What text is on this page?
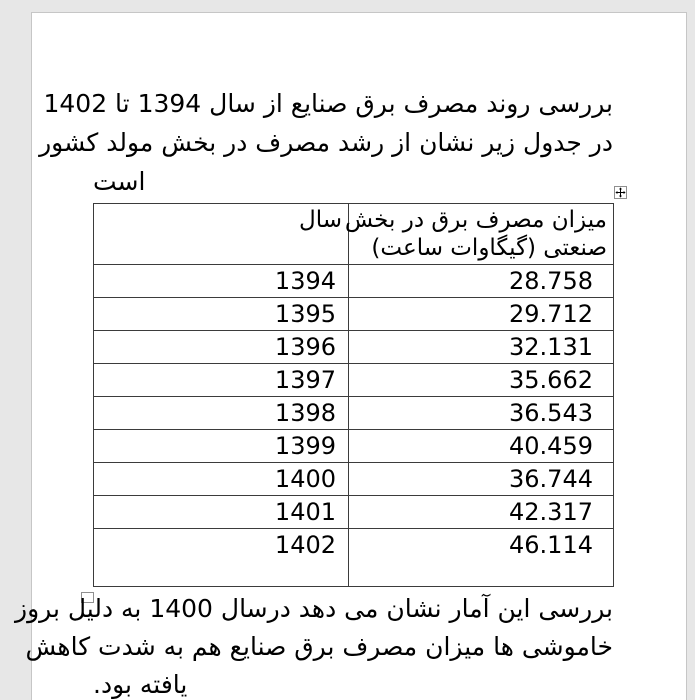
بررسی روند مصرف برق صنایع از سال 1394 تا 1402
در جدول زیر نشان از رشد مصرف در بخش مولد کشور
است
سال	میزان مصرف برق در بخش
صنعتی (گیگاوات ساعت)

1394	28.758
1395	29.712
1396	32.131
1397	35.662
1398	36.543
1399	40.459
1400	36.744
1401	42.317
1402	46.114
بررسی این آمار نشان می دهد درسال 1400 به دلیل بروز
خاموشی ها میزان مصرف برق صنایع هم به شدت کاهش
یافته بود.
